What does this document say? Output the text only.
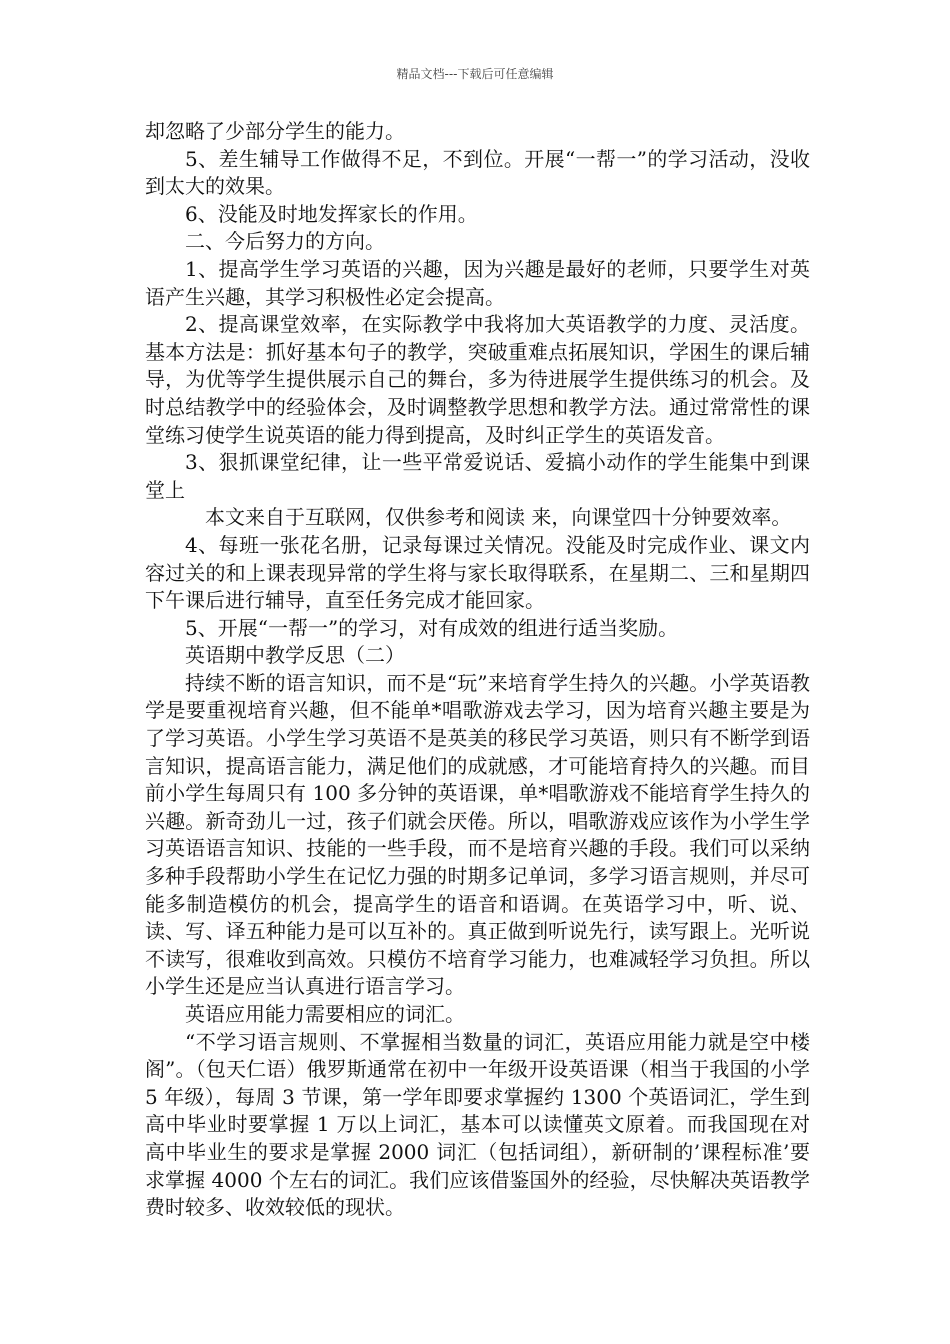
精品文档---下载后可任意编辑

却忽略了少部分学生的能力。

5、差生辅导工作做得不足，不到位。开展“一帮一”的学习活动，没收到太大的效果。

6、没能及时地发挥家长的作用。

二、今后努力的方向。

1、提高学生学习英语的兴趣，因为兴趣是最好的老师，只要学生对英语产生兴趣，其学习积极性必定会提高。

2、提高课堂效率，在实际教学中我将加大英语教学的力度、灵活度。基本方法是：抓好基本句子的教学，突破重难点拓展知识，学困生的课后辅导，为优等学生提供展示自己的舞台，多为待进展学生提供练习的机会。及时总结教学中的经验体会，及时调整教学思想和教学方法。通过常常性的课堂练习使学生说英语的能力得到提高，及时纠正学生的英语发音。

3、狠抓课堂纪律，让一些平常爱说话、爱搞小动作的学生能集中到课堂上

本文来自于互联网，仅供参考和阅读 来，向课堂四十分钟要效率。

4、每班一张花名册，记录每课过关情况。没能及时完成作业、课文内容过关的和上课表现异常的学生将与家长取得联系，在星期二、三和星期四下午课后进行辅导，直至任务完成才能回家。

5、开展“一帮一”的学习，对有成效的组进行适当奖励。

英语期中教学反思（二）

持续不断的语言知识，而不是“玩”来培育学生持久的兴趣。小学英语教学是要重视培育兴趣，但不能单*唱歌游戏去学习，因为培育兴趣主要是为了学习英语。小学生学习英语不是英美的移民学习英语，则只有不断学到语言知识，提高语言能力，满足他们的成就感，才可能培育持久的兴趣。而目前小学生每周只有 100 多分钟的英语课，单*唱歌游戏不能培育学生持久的兴趣。新奇劲儿一过，孩子们就会厌倦。所以，唱歌游戏应该作为小学生学习英语语言知识、技能的一些手段，而不是培育兴趣的手段。我们可以采纳多种手段帮助小学生在记忆力强的时期多记单词，多学习语言规则，并尽可能多制造模仿的机会，提高学生的语音和语调。在英语学习中，听、说、读、写、译五种能力是可以互补的。真正做到听说先行，读写跟上。光听说不读写，很难收到高效。只模仿不培育学习能力，也难减轻学习负担。所以小学生还是应当认真进行语言学习。

英语应用能力需要相应的词汇。

“不学习语言规则、不掌握相当数量的词汇，英语应用能力就是空中楼阁”。（包天仁语）俄罗斯通常在初中一年级开设英语课（相当于我国的小学 5 年级），每周 3 节课，第一学年即要求掌握约 1300 个英语词汇，学生到高中毕业时要掌握 1 万以上词汇，基本可以读懂英文原着。而我国现在对高中毕业生的要求是掌握 2000 词汇（包括词组），新研制的’课程标准’要求掌握 4000 个左右的词汇。我们应该借鉴国外的经验，尽快解决英语教学费时较多、收效较低的现状。
